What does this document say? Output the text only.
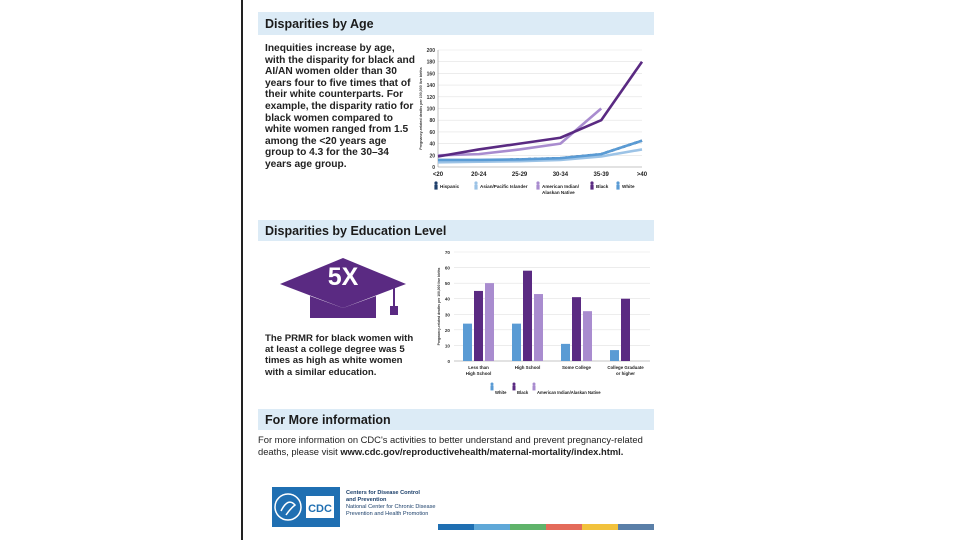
Disparities by Age
Inequities increase by age, with the disparity for black and AI/AN women older than 30 years four to five times that of their white counterparts. For example, the disparity ratio for black women compared to white women ranged from 1.5 among the <20 years age group to 4.3 for the 30–34 years age group.	0
20
40
60
80
100
120
140
160
180
200
Pregnancy-related deaths per 100,000 live births
<20	20-24	25-29	30-34	35-39	>40
Hispanic	Asian/Pacific Islander	American Indian/
Alaskan Native
Black	White
Disparities by Education Level
5X
The PRMR for black women with at least a college degree was 5 times as high as white women with a similar education.
0
10
20
30
40
50
60
70
Pregnancy-related deaths per 100,000 live births
Less than
High School
High School	Some College	College Graduate
or higher
White	Black American Indian/Alaskan Native
For More information
For more information on CDC's activities to better understand and prevent pregnancy-related deaths, please visit www.cdc.gov/reproductivehealth/maternal-mortality/index.html.
CDC
Centers for Disease Control
and Prevention
National Center for Chronic Disease
Prevention and Health Promotion
